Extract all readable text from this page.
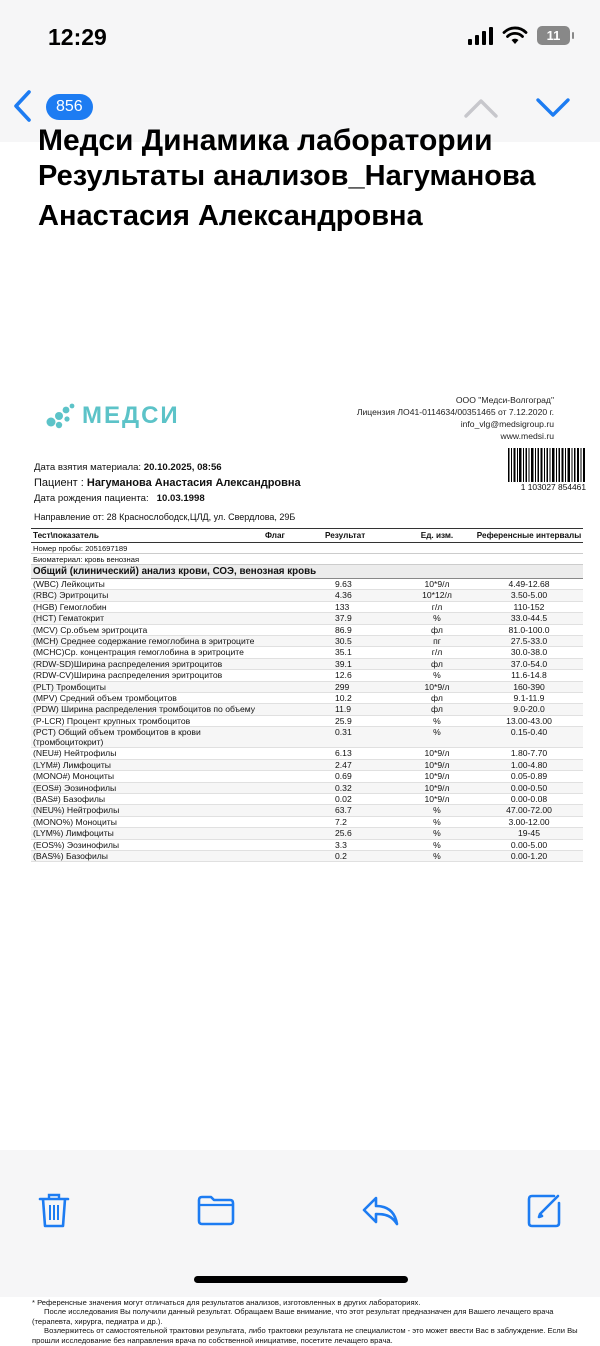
12:29	11
856
Медси Динамика лаборатории
Результаты анализов_Нагуманова Анастасия Александровна
МЕДСИ
ООО "Медси-Волгоград"
Лицензия ЛО41-0114634/00351465 от 7.12.2020 г.
info_vlg@medsigroup.ru
www.medsi.ru
1 103027 854461
Дата взятия материала: 20.10.2025, 08:56
Пациент : Нагуманова Анастасия Александровна
Дата рождения пациента: 10.03.1998
Направление от: 28 Краснослободск,ЦЛД, ул. Свердлова, 29Б
Тест\показатель	Флаг	Результат	Ед. изм.	Референсные интервалы
Номер пробы: 2051697189
Биоматериал: кровь венозная
Общий (клинический) анализ крови, СОЭ, венозная кровь
(WBC) Лейкоциты	9.63	10*9/л	4.49-12.68
(RBC) Эритроциты	4.36	10*12/л	3.50-5.00
(HGB) Гемоглобин	133	г/л	110-152
(HCT) Гематокрит	37.9	%	33.0-44.5
(MCV) Ср.объем эритроцита	86.9	фл	81.0-100.0
(MCH) Среднее содержание гемоглобина в эритроците	30.5	пг	27.5-33.0
(MCHC)Ср. концентрация гемоглобина в эритроците	35.1	г/л	30.0-38.0
(RDW-SD)Ширина распределения эритроцитов	39.1	фл	37.0-54.0
(RDW-CV)Ширина распределения эритроцитов	12.6	%	11.6-14.8
(PLT) Тромбоциты	299	10*9/л	160-390
(MPV) Средний объем тромбоцитов	10.2	фл	9.1-11.9
(PDW) Ширина распределения тромбоцитов по объему	11.9	фл	9.0-20.0
(P-LCR) Процент крупных тромбоцитов	25.9	%	13.00-43.00
(PCT) Общий объем тромбоцитов в крови (тромбоцитокрит)
0.31	%	0.15-0.40
(NEU#) Нейтрофилы	6.13	10*9/л	1.80-7.70
(LYM#) Лимфоциты	2.47	10*9/л	1.00-4.80
(MONO#) Моноциты	0.69	10*9/л	0.05-0.89
(EOS#) Эозинофилы	0.32	10*9/л	0.00-0.50
(BAS#) Базофилы	0.02	10*9/л	0.00-0.08
(NEU%) Нейтрофилы	63.7	%	47.00-72.00
(MONO%) Моноциты	7.2	%	3.00-12.00
(LYM%) Лимфоциты	25.6	%	19-45
(EOS%) Эозинофилы	3.3	%	0.00-5.00
(BAS%) Базофилы	0.2	%	0.00-1.20

* Референсные значения могут отличаться для результатов анализов, изготовленных в других лабораториях.

После исследования Вы получили данный результат. Обращаем Ваше внимание, что этот результат предназначен для Вашего лечащего врача (терапевта, хирурга, педиатра и др.).

Возлержитесь от самостоятельной трактовки результата, либо трактовки результата не специалистом - это может ввести Вас в заблуждение. Если Вы прошли исследование без направления врача по собственной инициативе, посетите лечащего врача.
